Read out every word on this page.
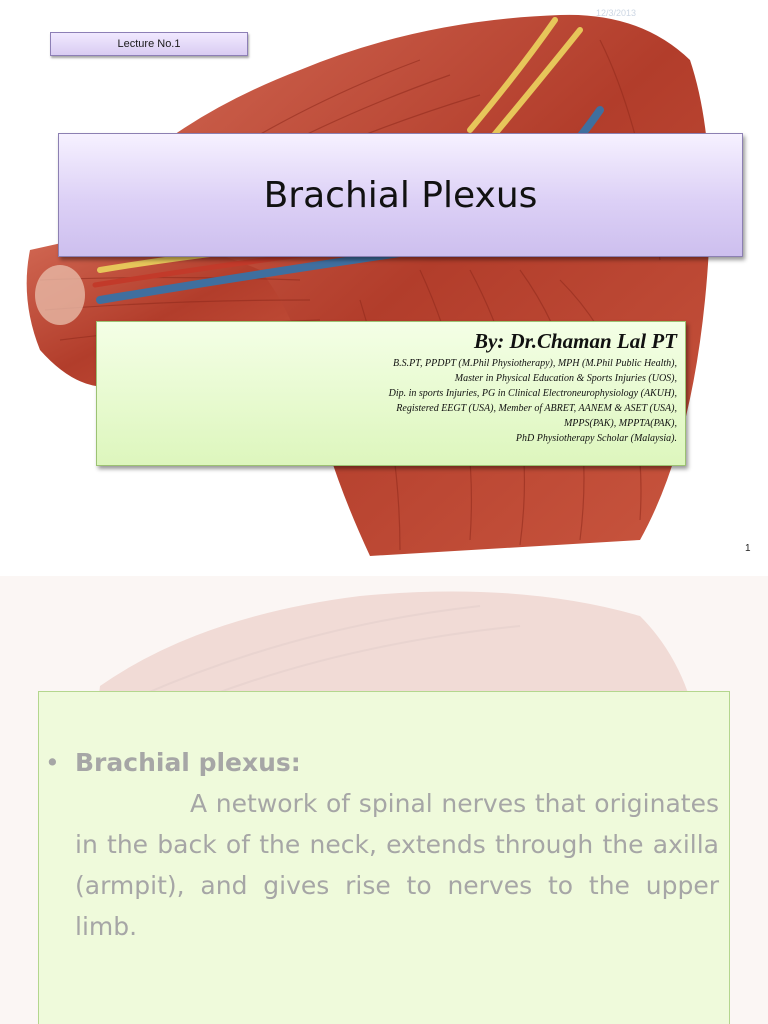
12/3/2013
Lecture No.1
Brachial Plexus
By: Dr.Chaman Lal PT
B.S.PT, PPDPT (M.Phil Physiotherapy), MPH (M.Phil Public Health),
Master in Physical Education & Sports Injuries (UOS),
Dip. in sports Injuries, PG in Clinical Electroneurophysiology (AKUH),
Registered EEGT (USA), Member of ABRET, AANEM & ASET (USA),
MPPS(PAK), MPPTA(PAK),
PhD Physiotherapy Scholar (Malaysia).
1
• Brachial plexus:
A network of spinal nerves that originates in the back of the neck, extends through the axilla (armpit), and gives rise to nerves to the upper limb.
